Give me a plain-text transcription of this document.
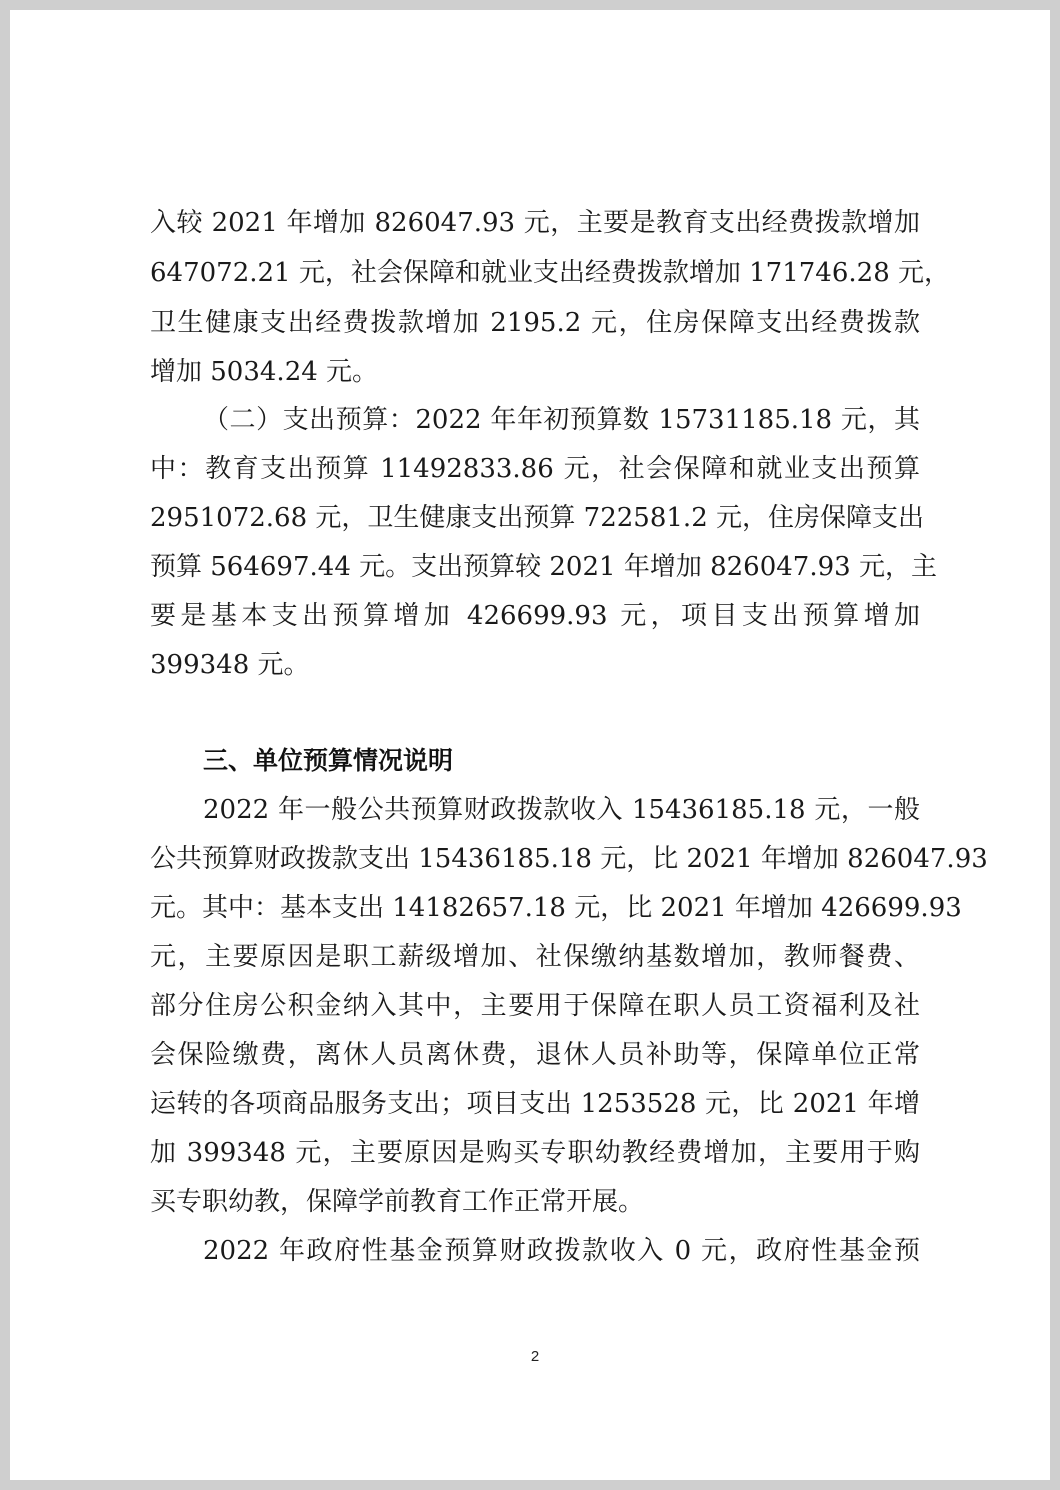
入较 2021 年增加 826047.93 元，主要是教育支出经费拨款增加
647072.21 元，社会保障和就业支出经费拨款增加 171746.28 元，
卫生健康支出经费拨款增加 2195.2 元，住房保障支出经费拨款
增加 5034.24 元。
（二）支出预算：2022 年年初预算数 15731185.18 元，其
中：教育支出预算 11492833.86 元，社会保障和就业支出预算
2951072.68 元，卫生健康支出预算 722581.2 元，住房保障支出
预算 564697.44 元。支出预算较 2021 年增加 826047.93 元，主
要是基本支出预算增加 426699.93 元，项目支出预算增加
399348 元。
三、单位预算情况说明
2022 年一般公共预算财政拨款收入 15436185.18 元，一般
公共预算财政拨款支出 15436185.18 元，比 2021 年增加 826047.93
元。其中：基本支出 14182657.18 元，比 2021 年增加 426699.93
元，主要原因是职工薪级增加、社保缴纳基数增加，教师餐费、
部分住房公积金纳入其中，主要用于保障在职人员工资福利及社
会保险缴费，离休人员离休费，退休人员补助等，保障单位正常
运转的各项商品服务支出；项目支出 1253528 元，比 2021 年增
加 399348 元，主要原因是购买专职幼教经费增加，主要用于购
买专职幼教，保障学前教育工作正常开展。
2022 年政府性基金预算财政拨款收入 0 元，政府性基金预
2
